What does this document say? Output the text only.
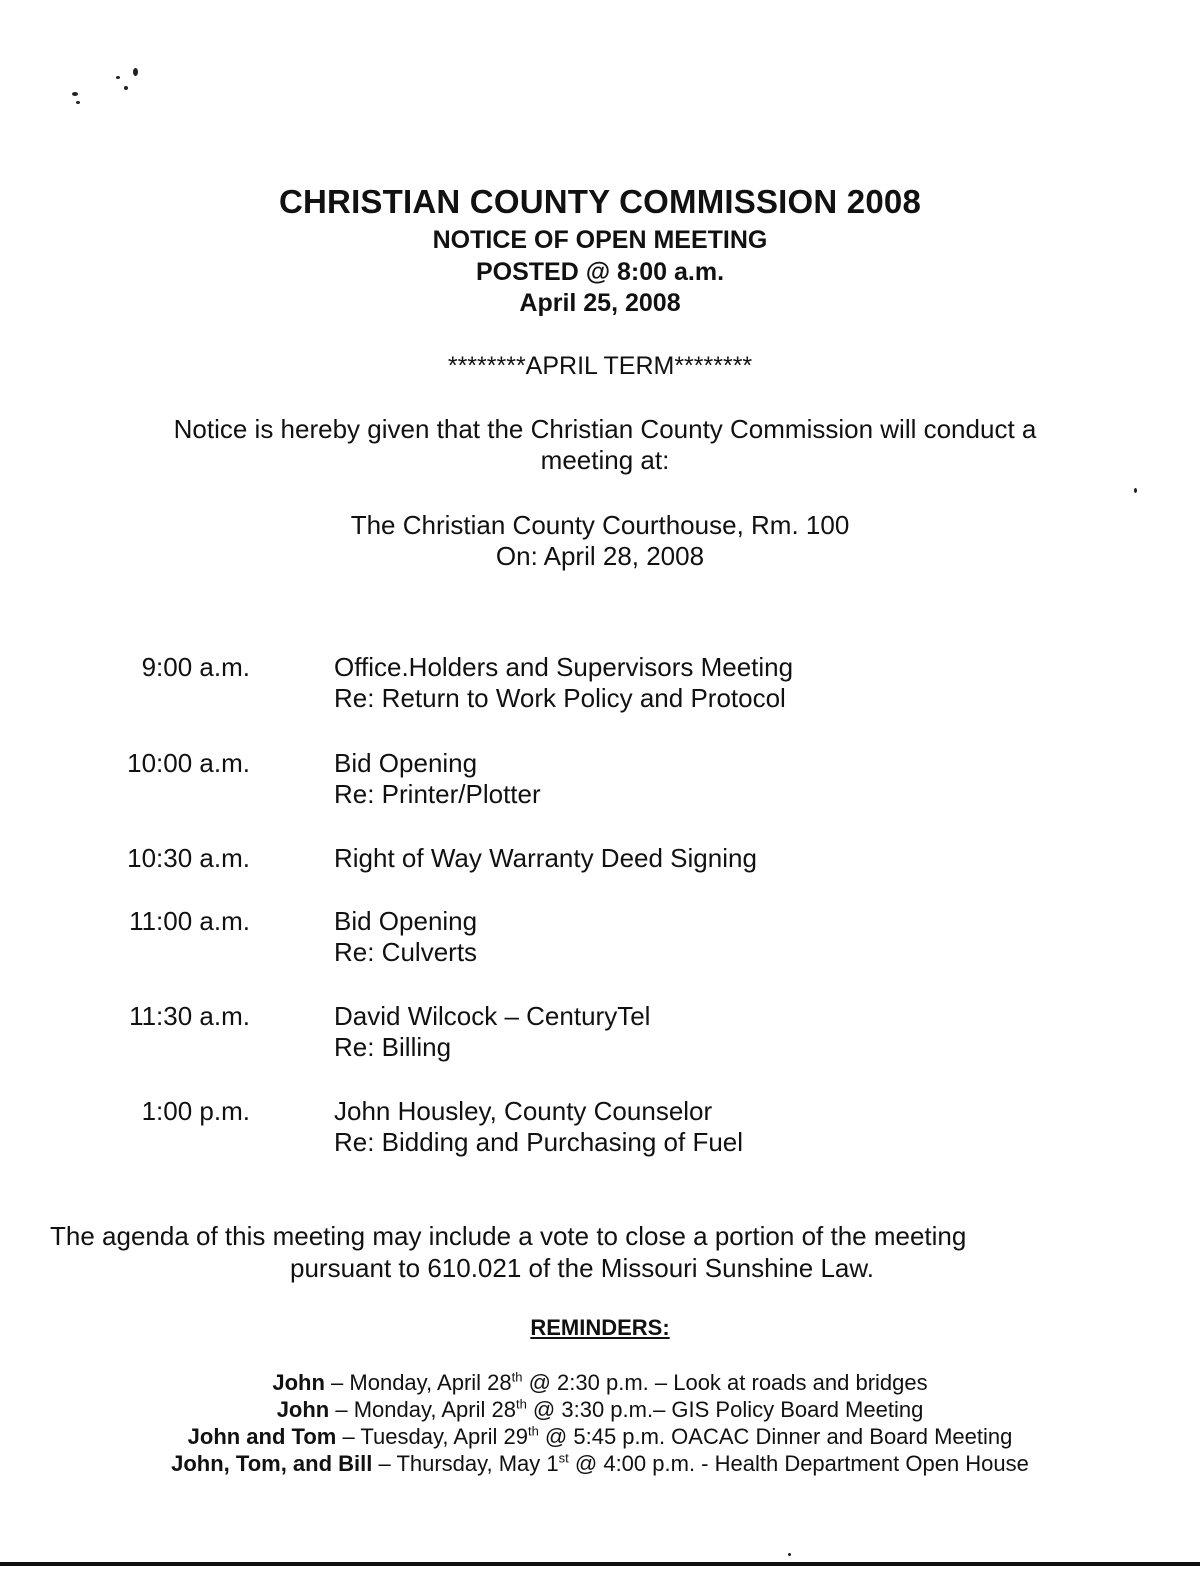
CHRISTIAN COUNTY COMMISSION 2008
NOTICE OF OPEN MEETING
POSTED @ 8:00 a.m.
April 25, 2008
********APRIL TERM********
Notice is hereby given that the Christian County Commission will conduct a meeting at:
The Christian County Courthouse, Rm. 100
On: April 28, 2008
9:00 a.m.	Office.Holders and Supervisors Meeting
Re: Return to Work Policy and Protocol
10:00 a.m.	Bid Opening
Re: Printer/Plotter
10:30 a.m.	Right of Way Warranty Deed Signing
11:00 a.m.	Bid Opening
Re: Culverts
11:30 a.m.	David Wilcock – CenturyTel
Re: Billing
1:00 p.m.	John Housley, County Counselor
Re: Bidding and Purchasing of Fuel
The agenda of this meeting may include a vote to close a portion of the meeting
pursuant to 610.021 of the Missouri Sunshine Law.
REMINDERS:
John – Monday, April 28th @ 2:30 p.m. – Look at roads and bridges
John – Monday, April 28th @ 3:30 p.m.– GIS Policy Board Meeting
John and Tom – Tuesday, April 29th @ 5:45 p.m. OACAC Dinner and Board Meeting
John, Tom, and Bill – Thursday, May 1st @ 4:00 p.m. - Health Department Open House
